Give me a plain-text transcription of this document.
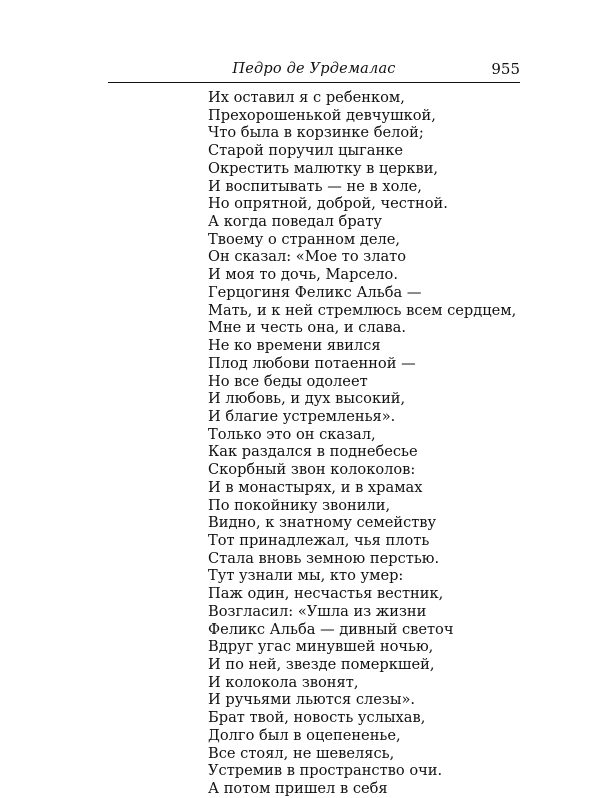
Педро де Урдемалас	955
Их оставил я с ребенком,
Прехорошенькой девчушкой,
Что была в корзинке белой;
Старой поручил цыганке
Окрестить малютку в церкви,
И воспитывать — не в холе,
Но опрятной, доброй, честной.
А когда поведал брату
Твоему о странном деле,
Он сказал: «Мое то злато
И моя то дочь, Марсело.
Герцогиня Феликс Альба —
Мать, и к ней стремлюсь всем сердцем,
Мне и честь она, и слава.
Не ко времени явился
Плод любови потаенной —
Но все беды одолеет
И любовь, и дух высокий,
И благие устремленья».
Только это он сказал,
Как раздался в поднебесье
Скорбный звон колоколов:
И в монастырях, и в храмах
По покойнику звонили,
Видно, к знатному семейству
Тот принадлежал, чья плоть
Стала вновь земною перстью.
Тут узнали мы, кто умер:
Паж один, несчастья вестник,
Возгласил: «Ушла из жизни
Феликс Альба — дивный светоч
Вдруг угас минувшей ночью,
И по ней, звезде померкшей,
И колокола звонят,
И ручьями льются слезы».
Брат твой, новость услыхав,
Долго был в оцепененье,
Все стоял, не шевелясь,
Устремив в пространство очи.
А потом пришел в себя
